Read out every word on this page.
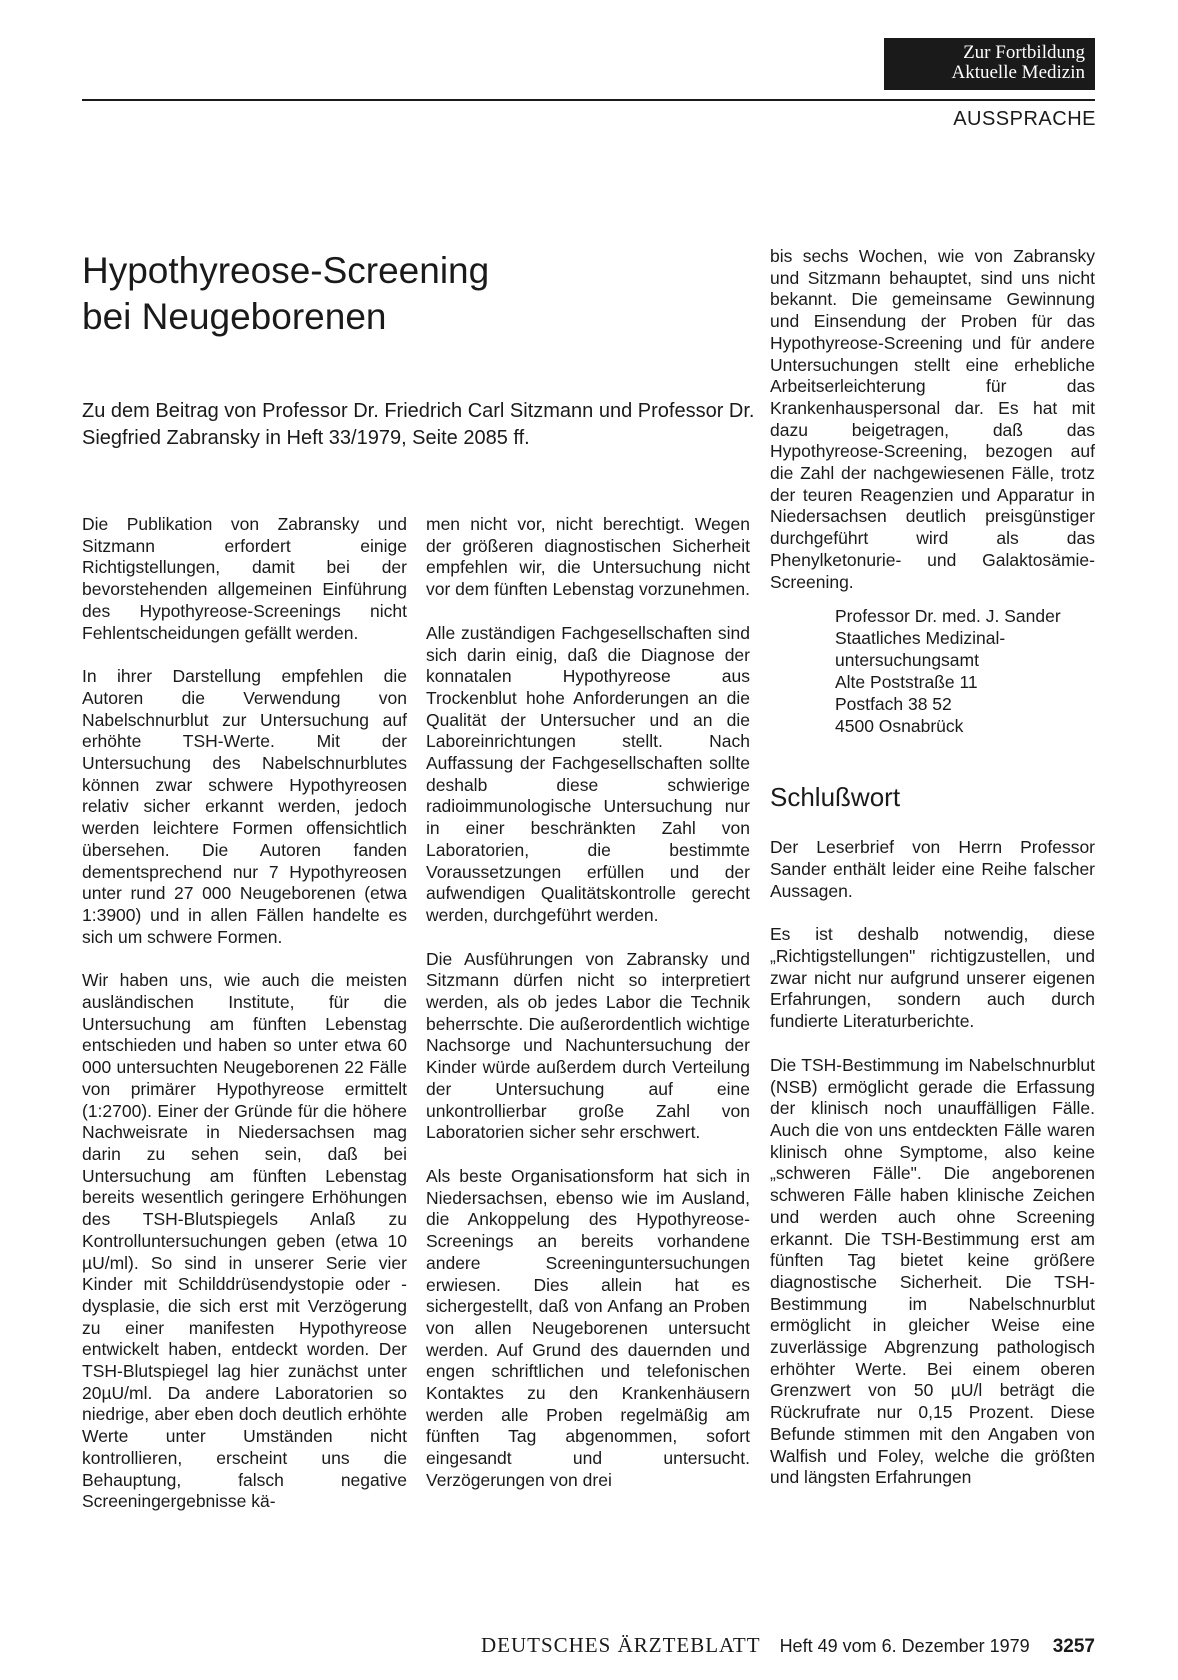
Zur Fortbildung
Aktuelle Medizin
AUSSPRACHE
Hypothyreose-Screening
bei Neugeborenen

Zu dem Beitrag von Professor Dr. Friedrich Carl Sitzmann und Professor Dr. Siegfried Zabransky in Heft 33/1979, Seite 2085 ff.

Die Publikation von Zabransky und Sitzmann erfordert einige Richtigstellungen, damit bei der bevorstehenden allgemeinen Einführung des Hypothyreose-Screenings nicht Fehlentscheidungen gefällt werden.

In ihrer Darstellung empfehlen die Autoren die Verwendung von Nabelschnurblut zur Untersuchung auf erhöhte TSH-Werte. Mit der Untersuchung des Nabelschnurblutes können zwar schwere Hypothyreosen relativ sicher erkannt werden, jedoch werden leichtere Formen offensichtlich übersehen. Die Autoren fanden dementsprechend nur 7 Hypothyreosen unter rund 27 000 Neugeborenen (etwa 1:3900) und in allen Fällen handelte es sich um schwere Formen.

Wir haben uns, wie auch die meisten ausländischen Institute, für die Untersuchung am fünften Lebenstag entschieden und haben so unter etwa 60 000 untersuchten Neugeborenen 22 Fälle von primärer Hypothyreose ermittelt (1:2700). Einer der Gründe für die höhere Nachweisrate in Niedersachsen mag darin zu sehen sein, daß bei Untersuchung am fünften Lebenstag bereits wesentlich geringere Erhöhungen des TSH-Blutspiegels Anlaß zu Kontrolluntersuchungen geben (etwa 10 µU/ml). So sind in unserer Serie vier Kinder mit Schilddrüsendystopie oder -dysplasie, die sich erst mit Verzögerung zu einer manifesten Hypothyreose entwickelt haben, entdeckt worden. Der TSH-Blutspiegel lag hier zunächst unter 20µU/ml. Da andere Laboratorien so niedrige, aber eben doch deutlich erhöhte Werte unter Umständen nicht kontrollieren, erscheint uns die Behauptung, falsch negative Screeningergebnisse kä-

men nicht vor, nicht berechtigt. Wegen der größeren diagnostischen Sicherheit empfehlen wir, die Untersuchung nicht vor dem fünften Lebenstag vorzunehmen.

Alle zuständigen Fachgesellschaften sind sich darin einig, daß die Diagnose der konnatalen Hypothyreose aus Trockenblut hohe Anforderungen an die Qualität der Untersucher und an die Laboreinrichtungen stellt. Nach Auffassung der Fachgesellschaften sollte deshalb diese schwierige radioimmunologische Untersuchung nur in einer beschränkten Zahl von Laboratorien, die bestimmte Voraussetzungen erfüllen und der aufwendigen Qualitätskontrolle gerecht werden, durchgeführt werden.

Die Ausführungen von Zabransky und Sitzmann dürfen nicht so interpretiert werden, als ob jedes Labor die Technik beherrschte. Die außerordentlich wichtige Nachsorge und Nachuntersuchung der Kinder würde außerdem durch Verteilung der Untersuchung auf eine unkontrollierbar große Zahl von Laboratorien sicher sehr erschwert.

Als beste Organisationsform hat sich in Niedersachsen, ebenso wie im Ausland, die Ankoppelung des Hypothyreose-Screenings an bereits vorhandene andere Screeninguntersuchungen erwiesen. Dies allein hat es sichergestellt, daß von Anfang an Proben von allen Neugeborenen untersucht werden. Auf Grund des dauernden und engen schriftlichen und telefonischen Kontaktes zu den Krankenhäusern werden alle Proben regelmäßig am fünften Tag abgenommen, sofort eingesandt und untersucht. Verzögerungen von drei

bis sechs Wochen, wie von Zabransky und Sitzmann behauptet, sind uns nicht bekannt. Die gemeinsame Gewinnung und Einsendung der Proben für das Hypothyreose-Screening und für andere Untersuchungen stellt eine erhebliche Arbeitserleichterung für das Krankenhauspersonal dar. Es hat mit dazu beigetragen, daß das Hypothyreose-Screening, bezogen auf die Zahl der nachgewiesenen Fälle, trotz der teuren Reagenzien und Apparatur in Niedersachsen deutlich preisgünstiger durchgeführt wird als das Phenylketonurie- und Galaktosämie-Screening.

Professor Dr. med. J. Sander
Staatliches Medizinal-
untersuchungsamt
Alte Poststraße 11
Postfach 38 52
4500 Osnabrück
Schlußwort

Der Leserbrief von Herrn Professor Sander enthält leider eine Reihe falscher Aussagen.

Es ist deshalb notwendig, diese „Richtigstellungen" richtigzustellen, und zwar nicht nur aufgrund unserer eigenen Erfahrungen, sondern auch durch fundierte Literaturberichte.

Die TSH-Bestimmung im Nabelschnurblut (NSB) ermöglicht gerade die Erfassung der klinisch noch unauffälligen Fälle. Auch die von uns entdeckten Fälle waren klinisch ohne Symptome, also keine „schweren Fälle". Die angeborenen schweren Fälle haben klinische Zeichen und werden auch ohne Screening erkannt. Die TSH-Bestimmung erst am fünften Tag bietet keine größere diagnostische Sicherheit. Die TSH-Bestimmung im Nabelschnurblut ermöglicht in gleicher Weise eine zuverlässige Abgrenzung pathologisch erhöhter Werte. Bei einem oberen Grenzwert von 50 µU/l beträgt die Rückrufrate nur 0,15 Prozent. Diese Befunde stimmen mit den Angaben von Walfish und Foley, welche die größten und längsten Erfahrungen

DEUTSCHES ÄRZTEBLATT Heft 49 vom 6. Dezember 1979 3257
